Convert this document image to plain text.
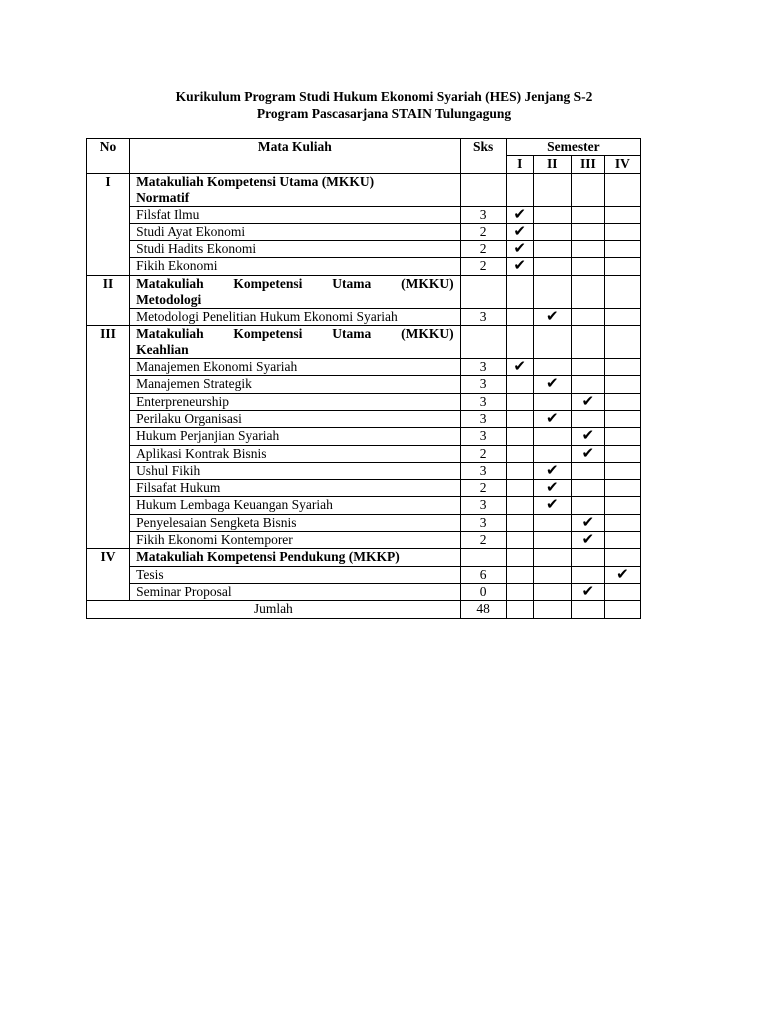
Kurikulum Program Studi Hukum Ekonomi Syariah (HES) Jenjang S-2
Program Pascasarjana STAIN Tulungagung
No	Mata Kuliah	Sks	Semester			
			I	II	III	IV
I	Matakuliah Kompetensi Utama (MKKU)
Normatif					

	Filsfat Ilmu	3	✔			
	Studi Ayat Ekonomi	2	✔			
	Studi Hadits Ekonomi	2	✔			
	Fikih Ekonomi	2	✔			
II	Matakuliah Kompetensi Utama (MKKU)
Metodologi					

	Metodologi Penelitian Hukum Ekonomi Syariah	3		✔		
III	Matakuliah Kompetensi Utama (MKKU)
Keahlian					

	Manajemen Ekonomi Syariah	3	✔			
	Manajemen Strategik	3		✔		
	Enterpreneurship	3			✔	
	Perilaku Organisasi	3		✔		
	Hukum Perjanjian Syariah	3			✔	
	Aplikasi Kontrak Bisnis	2			✔	
	Ushul Fikih	3		✔		
	Filsafat Hukum	2		✔		
	Hukum Lembaga Keuangan Syariah	3		✔		
	Penyelesaian Sengketa Bisnis	3			✔	
	Fikih Ekonomi Kontemporer	2			✔	
IV	Matakuliah Kompetensi Pendukung (MKKP)					

	Tesis	6				✔
	Seminar Proposal	0			✔	
Jumlah		48				
